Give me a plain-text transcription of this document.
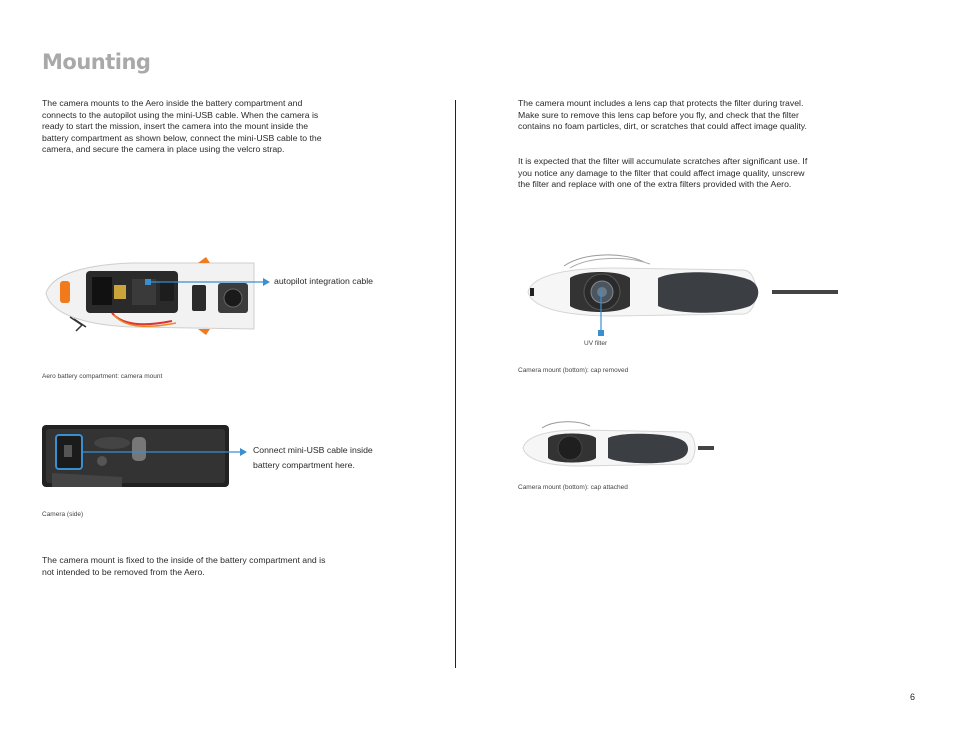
Mounting
The camera mounts to the Aero inside the battery compartment and connects to the autopilot using the mini-USB cable. When the camera is ready to start the mission, insert the camera into the mount inside the battery compartment as shown below, connect the mini-USB cable to the camera, and secure the camera in place using the velcro strap.
autopilot integration cable
Aero battery compartment: camera mount
Connect mini-USB cable inside battery compartment here.
Camera (side)
The camera mount is fixed to the inside of the battery compartment and is not intended to be removed from the Aero.
The camera mount includes a lens cap that protects the filter during travel. Make sure to remove this lens cap before you fly, and check that the filter contains no foam particles, dirt, or scratches that could affect image quality.
It is expected that the filter will accumulate scratches after significant use. If you notice any damage to the filter that could affect image quality, unscrew the filter and replace with one of the extra filters provided with the Aero.
UV filter
Camera mount (bottom): cap removed
Camera mount (bottom): cap attached
6
